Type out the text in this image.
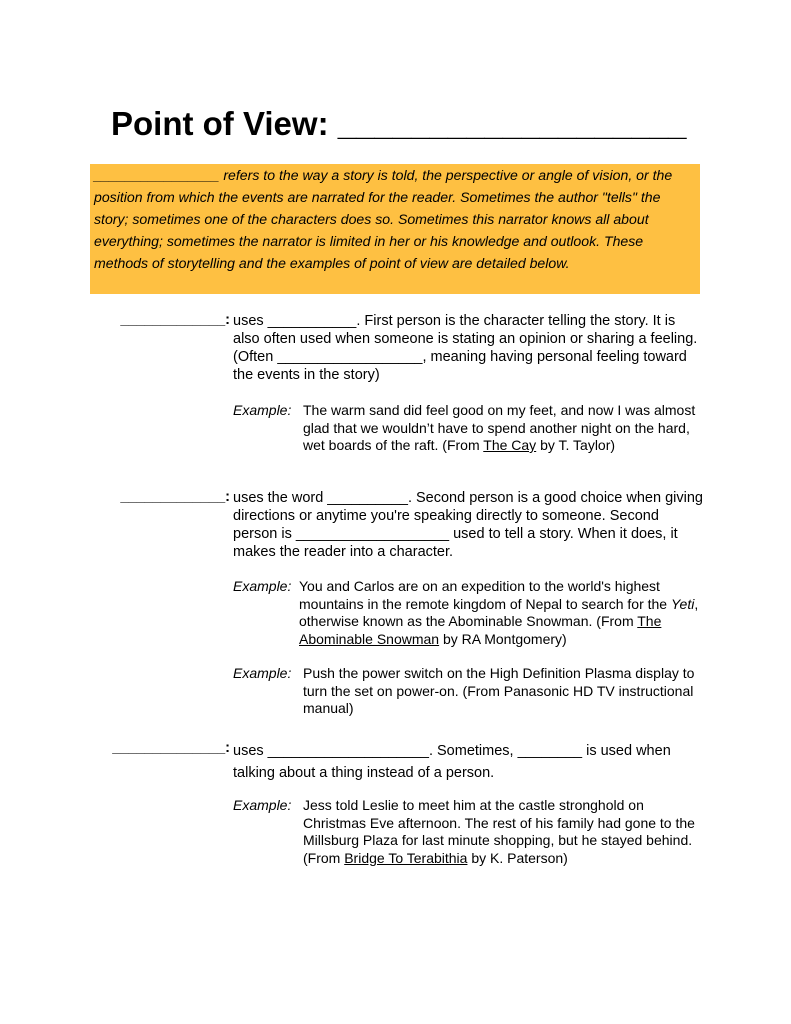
Point of View: ___________________

________________ refers to the way a story is told, the perspective or angle of vision, or the position from which the events are narrated for the reader. Sometimes the author "tells" the story; sometimes one of the characters does so. Sometimes this narrator knows all about everything; sometimes the narrator is limited in her or his knowledge and outlook. These methods of storytelling and the examples of point of view are detailed below.

_____________: uses ___________. First person is the character telling the story. It is also often used when someone is stating an opinion or sharing a feeling. (Often __________________, meaning having personal feeling toward the events in the story)

Example: The warm sand did feel good on my feet, and now I was almost glad that we wouldn’t have to spend another night on the hard, wet boards of the raft. (From The Cay by T. Taylor)
_____________: uses the word __________. Second person is a good choice when giving directions or anytime you're speaking directly to someone. Second person is ___________________ used to tell a story. When it does, it makes the reader into a character.

Example: You and Carlos are on an expedition to the world's highest mountains in the remote kingdom of Nepal to search for the Yeti, otherwise known as the Abominable Snowman. (From The Abominable Snowman by RA Montgomery)
Example: Push the power switch on the High Definition Plasma display to turn the set on power-on. (From Panasonic HD TV instructional manual)
______________: uses ____________________. Sometimes, ________ is used when talking about a thing instead of a person.

Example: Jess told Leslie to meet him at the castle stronghold on Christmas Eve afternoon. The rest of his family had gone to the Millsburg Plaza for last minute shopping, but he stayed behind. (From Bridge To Terabithia by K. Paterson)
